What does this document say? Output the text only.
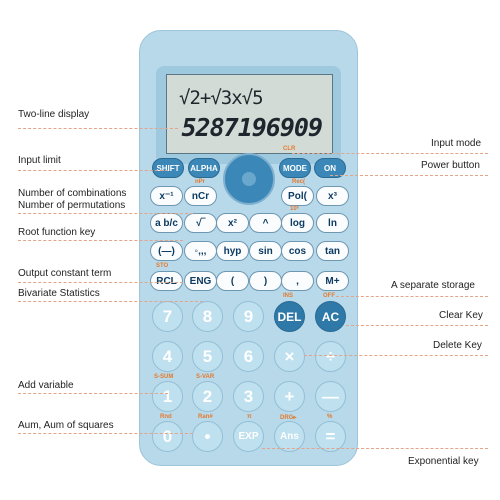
√2+√3x√5
5287196909
SHIFT	ALPHA
CLR
MODE	ON
x⁻¹
nPr
nCr
Rec(
Pol(	x³
a b/c	√‾	x²	^
10ˣ
log	ln
(—)	◦,,,	hyp	sin	cos	tan
STO
RCL	ENG	(	)	,	M+
7	8	9
INS
DEL
OFF
AC
4	5	6	×	÷
S-SUM	S-VAR
1	2	3	+	—
Rnd	Ran#	π	DRG▸	%
0	•	EXP	Ans	=
Two-line display
Input limit
Number of combinations
Number of permutations
Root function key
Output constant term
Bivariate Statistics
Add variable
Aum, Aum of squares
Input mode
Power button
A separate storage
Clear Key
Delete Key
Exponential key
